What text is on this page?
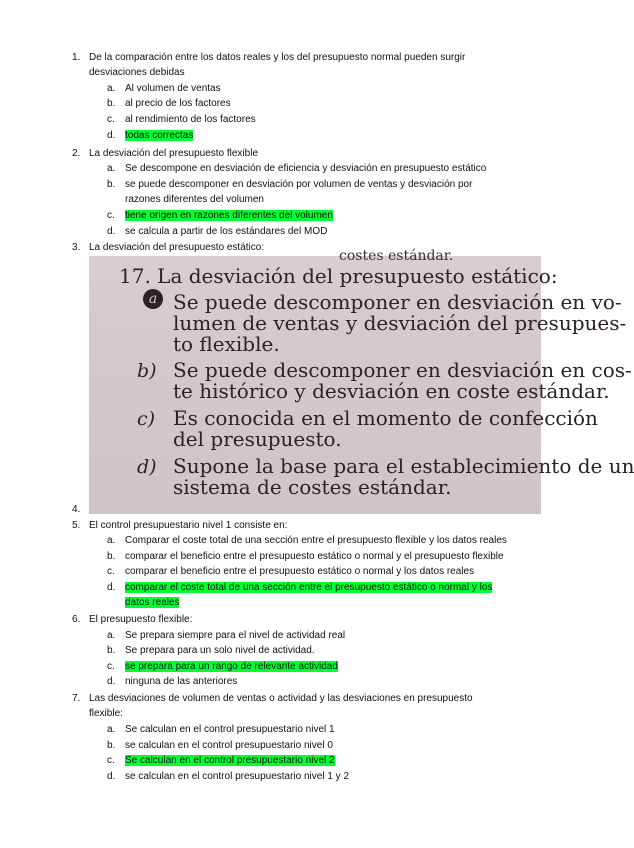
1. De la comparación entre los datos reales y los del presupuesto normal pueden surgir
desviaciones debidas
a. Al volumen de ventas
b. al precio de los factores
c. al rendimiento de los factores
d. todas correctas
2. La desviación del presupuesto flexible
a. Se descompone en desviación de eficiencia y desviación en presupuesto estático
b. se puede descomponer en desviación por volumen de ventas y desviación por
razones diferentes del volumen
c. tiene origen en razones diferentes del volumen
d. se calcula a partir de los estándares del MOD
3. La desviación del presupuesto estático:
4.
5. El control presupuestario nivel 1 consiste en:
a. Comparar el coste total de una sección entre el presupuesto flexible y los datos reales
b. comparar el beneficio entre el presupuesto estático o normal y el presupuesto flexible
c. comparar el beneficio entre el presupuesto estático o normal y los datos reales
d. comparar el coste total de una sección entre el presupuesto estático o normal y los
datos reales
6. El presupuesto flexible:
a. Se prepara siempre para el nivel de actividad real
b. Se prepara para un solo nivel de actividad.
c. se prepara para un rango de relevante actividad
d. ninguna de las anteriores
7. Las desviaciones de volumen de ventas o actividad y las desviaciones en presupuesto
flexible:
a. Se calculan en el control presupuestario nivel 1
b. se calculan en el control presupuestario nivel 0
c. Se calculan en el control presupuestario nivel 2
d. se calculan en el control presupuestario nivel 1 y 2
costes estándar.
17. La desviación del presupuesto estático:
a Se puede descomponer en desviación en vo-
lumen de ventas y desviación del presupues-
to flexible.
b) Se puede descomponer en desviación en cos-
te histórico y desviación en coste estándar.
c) Es conocida en el momento de confección
del presupuesto.
d) Supone la base para el establecimiento de un
sistema de costes estándar.
